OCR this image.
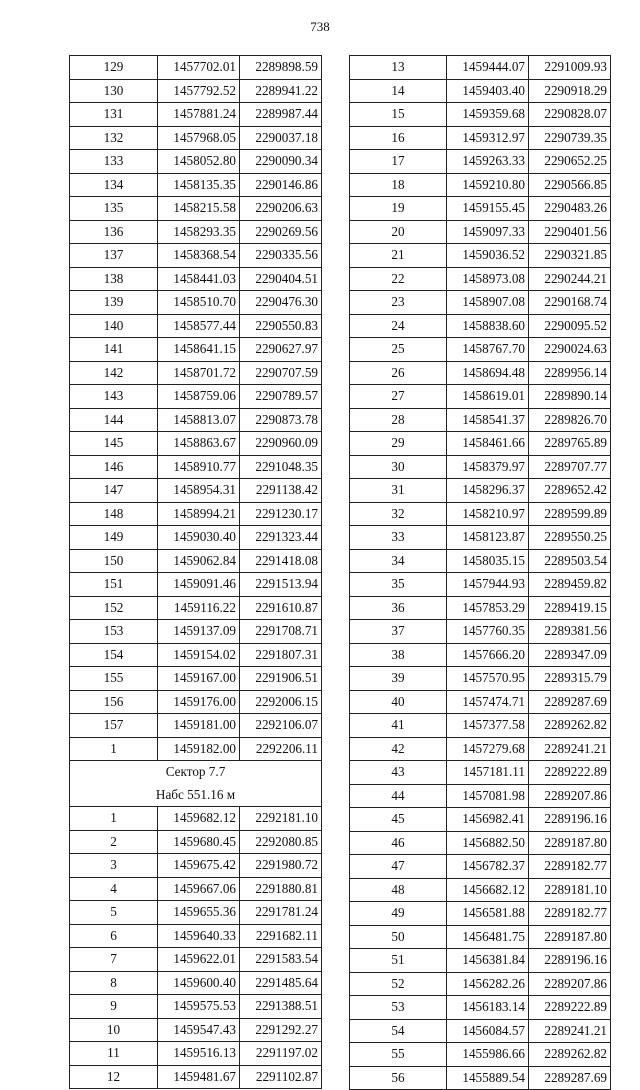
738
129	1457702.01	2289898.59
130	1457792.52	2289941.22
131	1457881.24	2289987.44
132	1457968.05	2290037.18
133	1458052.80	2290090.34
134	1458135.35	2290146.86
135	1458215.58	2290206.63
136	1458293.35	2290269.56
137	1458368.54	2290335.56
138	1458441.03	2290404.51
139	1458510.70	2290476.30
140	1458577.44	2290550.83
141	1458641.15	2290627.97
142	1458701.72	2290707.59
143	1458759.06	2290789.57
144	1458813.07	2290873.78
145	1458863.67	2290960.09
146	1458910.77	2291048.35
147	1458954.31	2291138.42
148	1458994.21	2291230.17
149	1459030.40	2291323.44
150	1459062.84	2291418.08
151	1459091.46	2291513.94
152	1459116.22	2291610.87
153	1459137.09	2291708.71
154	1459154.02	2291807.31
155	1459167.00	2291906.51
156	1459176.00	2292006.15
157	1459181.00	2292106.07
1	1459182.00	2292206.11
Сектор 7.7		
Набс 551.16 м		
1	1459682.12	2292181.10
2	1459680.45	2292080.85
3	1459675.42	2291980.72
4	1459667.06	2291880.81
5	1459655.36	2291781.24
6	1459640.33	2291682.11
7	1459622.01	2291583.54
8	1459600.40	2291485.64
9	1459575.53	2291388.51
10	1459547.43	2291292.27
11	1459516.13	2291197.02
12	1459481.67	2291102.87
13	1459444.07	2291009.93
14	1459403.40	2290918.29
15	1459359.68	2290828.07
16	1459312.97	2290739.35
17	1459263.33	2290652.25
18	1459210.80	2290566.85
19	1459155.45	2290483.26
20	1459097.33	2290401.56
21	1459036.52	2290321.85
22	1458973.08	2290244.21
23	1458907.08	2290168.74
24	1458838.60	2290095.52
25	1458767.70	2290024.63
26	1458694.48	2289956.14
27	1458619.01	2289890.14
28	1458541.37	2289826.70
29	1458461.66	2289765.89
30	1458379.97	2289707.77
31	1458296.37	2289652.42
32	1458210.97	2289599.89
33	1458123.87	2289550.25
34	1458035.15	2289503.54
35	1457944.93	2289459.82
36	1457853.29	2289419.15
37	1457760.35	2289381.56
38	1457666.20	2289347.09
39	1457570.95	2289315.79
40	1457474.71	2289287.69
41	1457377.58	2289262.82
42	1457279.68	2289241.21
43	1457181.11	2289222.89
44	1457081.98	2289207.86
45	1456982.41	2289196.16
46	1456882.50	2289187.80
47	1456782.37	2289182.77
48	1456682.12	2289181.10
49	1456581.88	2289182.77
50	1456481.75	2289187.80
51	1456381.84	2289196.16
52	1456282.26	2289207.86
53	1456183.14	2289222.89
54	1456084.57	2289241.21
55	1455986.66	2289262.82
56	1455889.54	2289287.69
